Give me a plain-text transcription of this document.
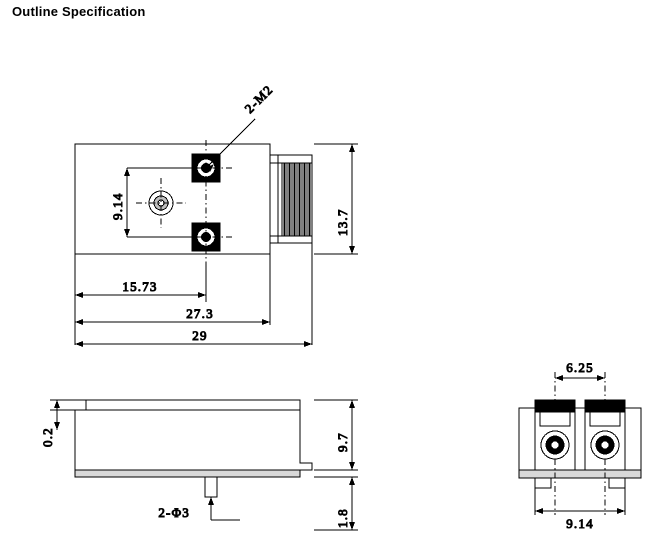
Outline Specification
2-M2
9.14
13.7
15.73
27.3
29
0.2	9.7
1.8
2-Φ3
6.25
9.14
